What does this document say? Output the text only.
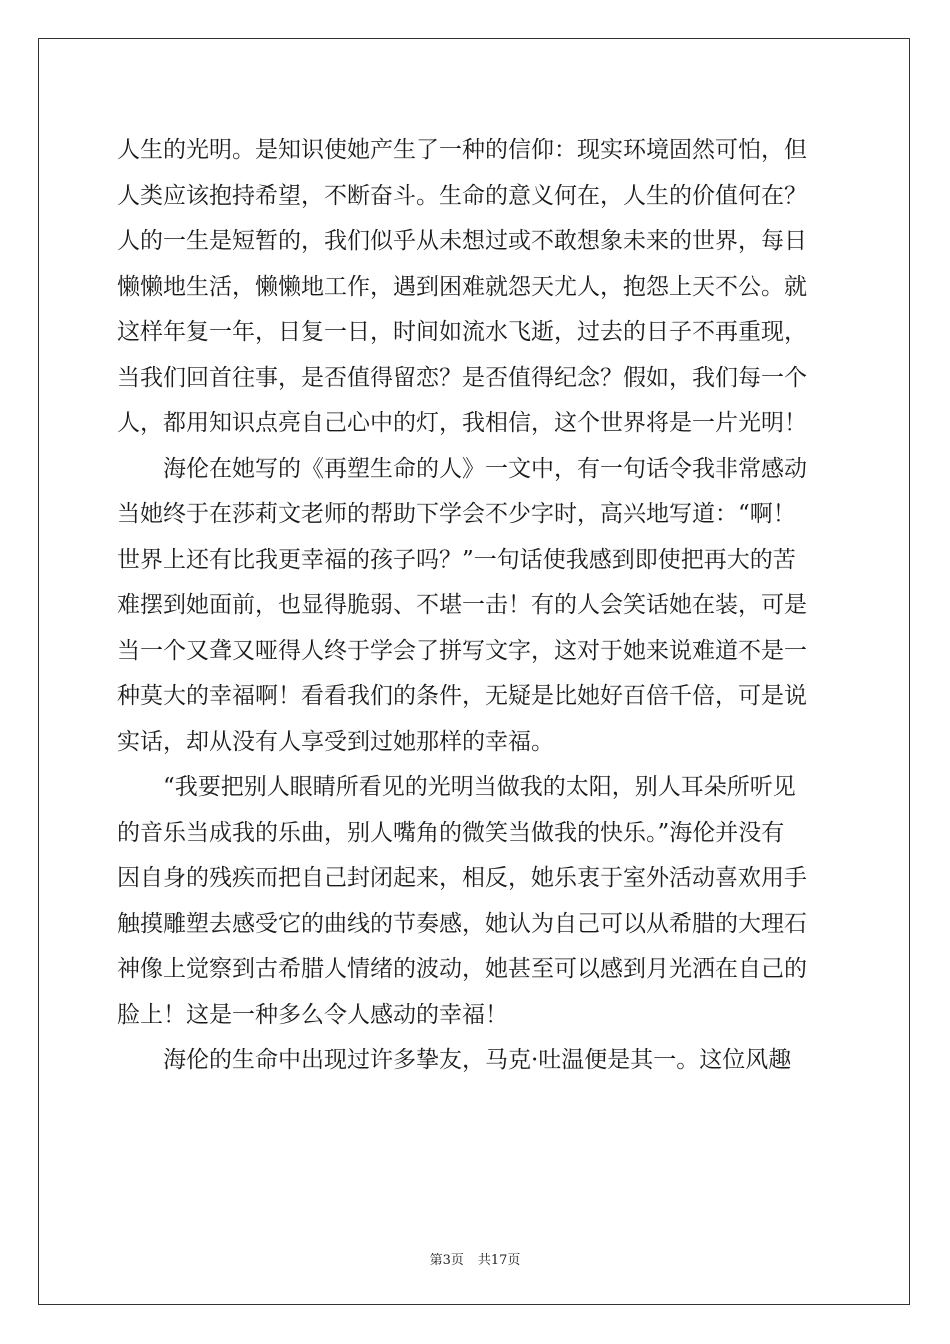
人生的光明。是知识使她产生了一种的信仰：现实环境固然可怕，但

人类应该抱持希望，不断奋斗。生命的意义何在，人生的价值何在？

人的一生是短暂的，我们似乎从未想过或不敢想象未来的世界，每日

懒懒地生活，懒懒地工作，遇到困难就怨天尤人，抱怨上天不公。就

这样年复一年，日复一日，时间如流水飞逝，过去的日子不再重现，

当我们回首往事，是否值得留恋？是否值得纪念？假如，我们每一个

人，都用知识点亮自己心中的灯，我相信，这个世界将是一片光明！

　　海伦在她写的《再塑生命的人》一文中，有一句话令我非常感动

当她终于在莎莉文老师的帮助下学会不少字时，高兴地写道：“啊！

世界上还有比我更幸福的孩子吗？”一句话使我感到即使把再大的苦

难摆到她面前，也显得脆弱、不堪一击！有的人会笑话她在装，可是

当一个又聋又哑得人终于学会了拼写文字，这对于她来说难道不是一

种莫大的幸福啊！看看我们的条件，无疑是比她好百倍千倍，可是说

实话，却从没有人享受到过她那样的幸福。

　　“我要把别人眼睛所看见的光明当做我的太阳，别人耳朵所听见

的音乐当成我的乐曲，别人嘴角的微笑当做我的快乐。”海伦并没有

因自身的残疾而把自己封闭起来，相反，她乐衷于室外活动喜欢用手

触摸雕塑去感受它的曲线的节奏感，她认为自己可以从希腊的大理石

神像上觉察到古希腊人情绪的波动，她甚至可以感到月光洒在自己的

脸上！这是一种多么令人感动的幸福！

　　海伦的生命中出现过许多挚友，马克·吐温便是其一。这位风趣

第3页 共17页
